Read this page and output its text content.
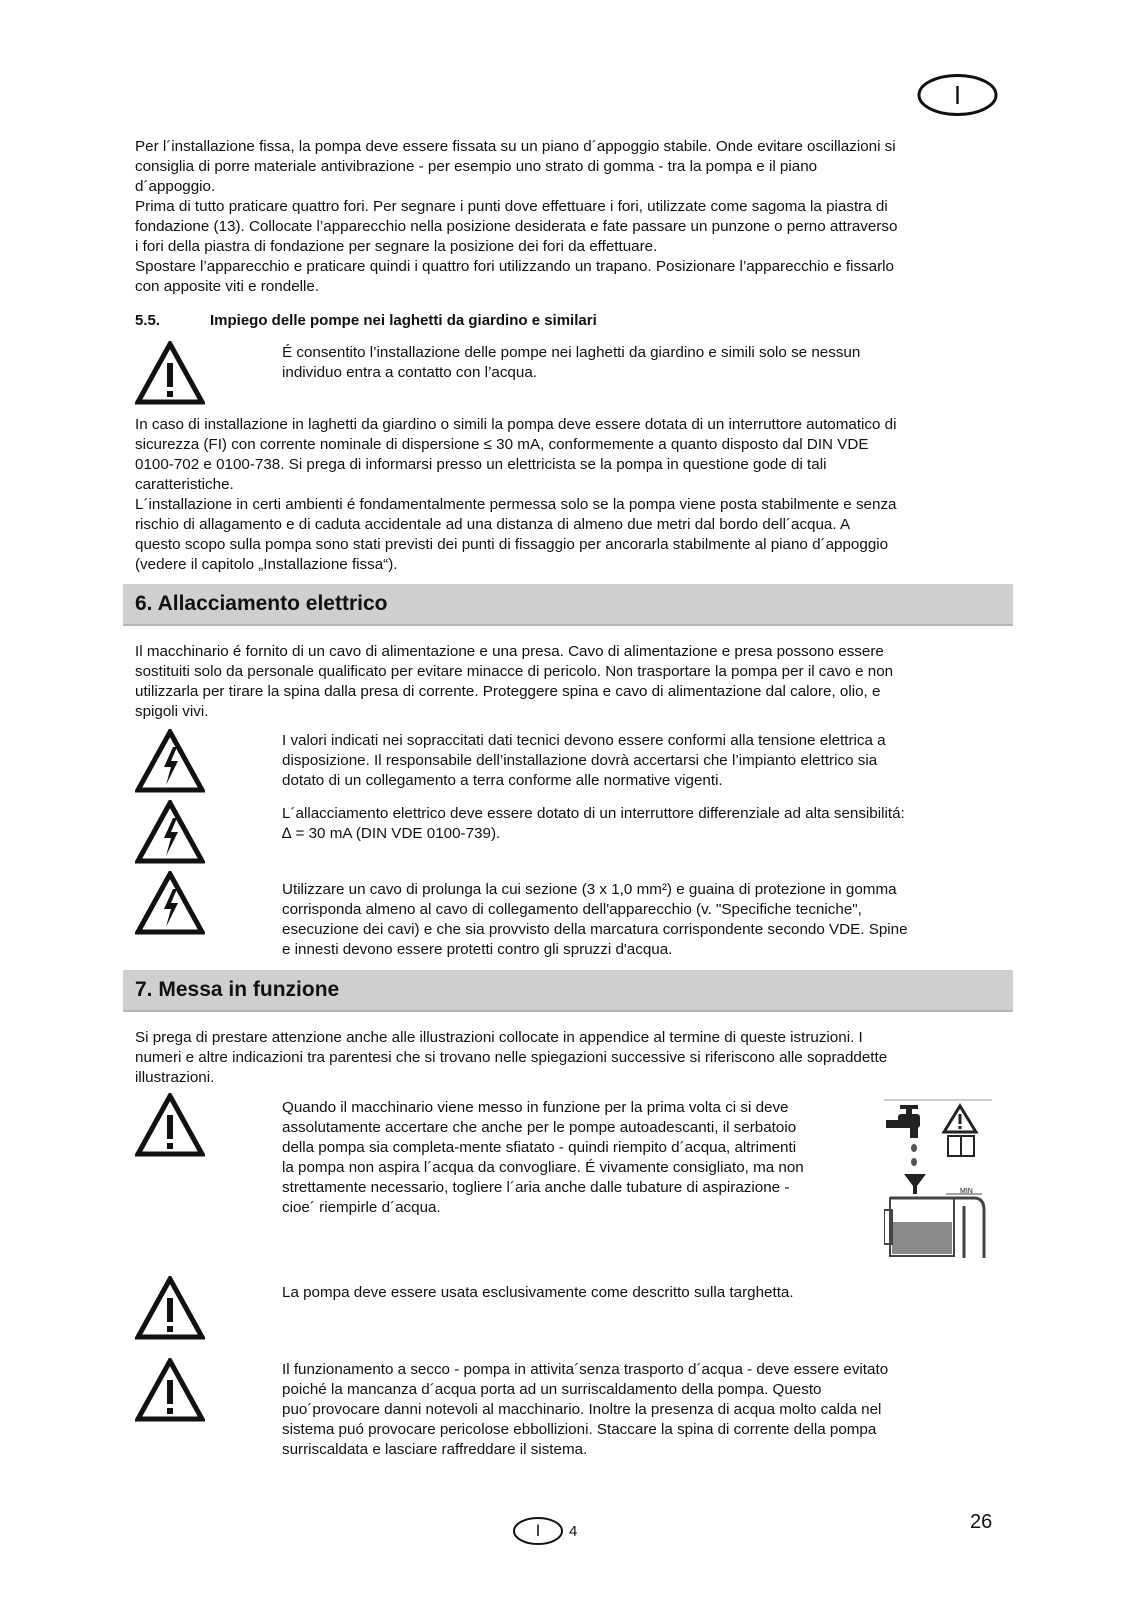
I

Per l´installazione fissa, la pompa deve essere fissata su un piano d´appoggio stabile. Onde evitare oscillazioni si

consiglia di porre materiale antivibrazione - per esempio uno strato di gomma - tra la pompa e il piano

d´appoggio.

Prima di tutto praticare quattro fori. Per segnare i punti dove effettuare i fori, utilizzate come sagoma la piastra di

fondazione (13). Collocate l’apparecchio nella posizione desiderata e fate passare un punzone o perno attraverso

i fori della piastra di fondazione per segnare la posizione dei fori da effettuare.

Spostare l’apparecchio e praticare quindi i quattro fori utilizzando un trapano. Posizionare l’apparecchio e fissarlo

con apposite viti e rondelle.

5.5.	Impiego delle pompe nei laghetti da giardino e similari

É consentito l’installazione delle pompe nei laghetti da giardino e simili solo se nessun

individuo entra a contatto con l’acqua.

In caso di installazione in laghetti da giardino o simili la pompa deve essere dotata di un interruttore automatico di

sicurezza (FI) con corrente nominale di dispersione ≤ 30 mA, conformemente a quanto disposto dal DIN VDE

0100-702 e 0100-738. Si prega di informarsi presso un elettricista se la pompa in questione gode di tali

caratteristiche.

L´installazione in certi ambienti é fondamentalmente permessa solo se la pompa viene posta stabilmente e senza

rischio di allagamento e di caduta accidentale ad una distanza di almeno due metri dal bordo dell´acqua. A

questo scopo sulla pompa sono stati previsti dei punti di fissaggio per ancorarla stabilmente al piano d´appoggio

(vedere il capitolo „Installazione fissa“).

6. Allacciamento elettrico

Il macchinario é fornito di un cavo di alimentazione e una presa. Cavo di alimentazione e presa possono essere

sostituiti solo da personale qualificato per evitare minacce di pericolo. Non trasportare la pompa per il cavo e non

utilizzarla per tirare la spina dalla presa di corrente. Proteggere spina e cavo di alimentazione dal calore, olio, e

spigoli vivi.

I valori indicati nei sopraccitati dati tecnici devono essere conformi alla tensione elettrica a

disposizione. Il responsabile dell’installazione dovrà accertarsi che l’impianto elettrico sia

dotato di un collegamento a terra conforme alle normative vigenti.

L´allacciamento elettrico deve essere dotato di un interruttore differenziale ad alta sensibilitá:

∆ = 30 mA (DIN VDE 0100-739).

Utilizzare un cavo di prolunga la cui sezione (3 x 1,0 mm²) e guaina di protezione in gomma

corrisponda almeno al cavo di collegamento dell'apparecchio (v. "Specifiche tecniche",

esecuzione dei cavi) e che sia provvisto della marcatura corrispondente secondo VDE. Spine

e innesti devono essere protetti contro gli spruzzi d'acqua.

7. Messa in funzione

Si prega di prestare attenzione anche alle illustrazioni collocate in appendice al termine di queste istruzioni. I

numeri e altre indicazioni tra parentesi che si trovano nelle spiegazioni successive si riferiscono alle sopraddette

illustrazioni.

Quando il macchinario viene messo in funzione per la prima volta ci si deve

assolutamente accertare che anche per le pompe autoadescanti, il serbatoio

della pompa sia completa-mente sfiatato - quindi riempito d´acqua, altrimenti

la pompa non aspira l´acqua da convogliare. É vivamente consigliato, ma non

strettamente necessario, togliere l´aria anche dalle tubature di aspirazione -

cioe´ riempirle d´acqua.

MIN

La pompa deve essere usata esclusivamente come descritto sulla targhetta.

Il funzionamento a secco - pompa in attivita´senza trasporto d´acqua - deve essere evitato

poiché la mancanza d´acqua porta ad un surriscaldamento della pompa. Questo

puo´provocare danni notevoli al macchinario. Inoltre la presenza di acqua molto calda nel

sistema puó provocare pericolose ebbollizioni. Staccare la spina di corrente della pompa

surriscaldata e lasciare raffreddare il sistema.

I	4	26
